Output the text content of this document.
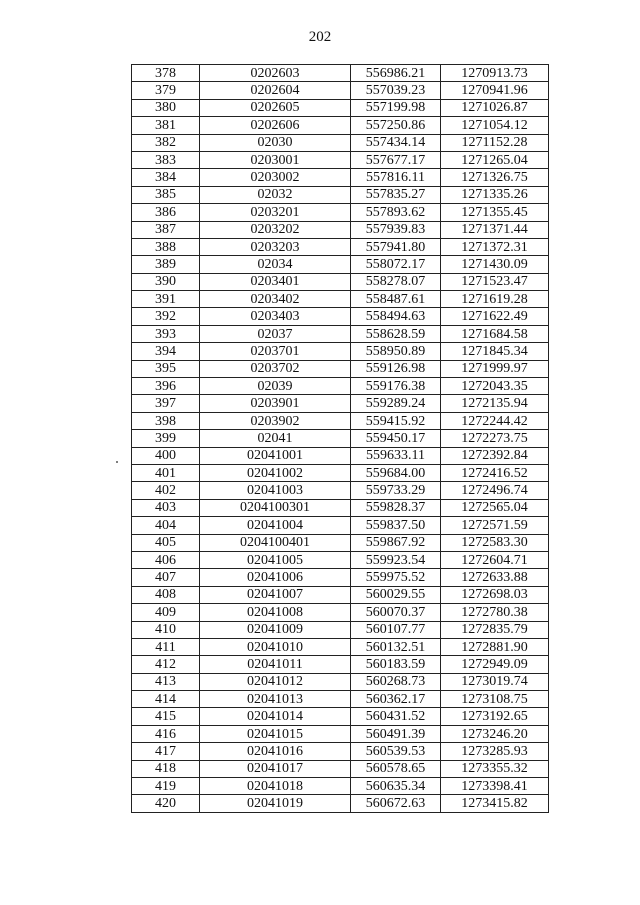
202
378	0202603	556986.21	1270913.73
379	0202604	557039.23	1270941.96
380	0202605	557199.98	1271026.87
381	0202606	557250.86	1271054.12
382	02030	557434.14	1271152.28
383	0203001	557677.17	1271265.04
384	0203002	557816.11	1271326.75
385	02032	557835.27	1271335.26
386	0203201	557893.62	1271355.45
387	0203202	557939.83	1271371.44
388	0203203	557941.80	1271372.31
389	02034	558072.17	1271430.09
390	0203401	558278.07	1271523.47
391	0203402	558487.61	1271619.28
392	0203403	558494.63	1271622.49
393	02037	558628.59	1271684.58
394	0203701	558950.89	1271845.34
395	0203702	559126.98	1271999.97
396	02039	559176.38	1272043.35
397	0203901	559289.24	1272135.94
398	0203902	559415.92	1272244.42
399	02041	559450.17	1272273.75
400	02041001	559633.11	1272392.84
401	02041002	559684.00	1272416.52
402	02041003	559733.29	1272496.74
403	0204100301	559828.37	1272565.04
404	02041004	559837.50	1272571.59
405	0204100401	559867.92	1272583.30
406	02041005	559923.54	1272604.71
407	02041006	559975.52	1272633.88
408	02041007	560029.55	1272698.03
409	02041008	560070.37	1272780.38
410	02041009	560107.77	1272835.79
411	02041010	560132.51	1272881.90
412	02041011	560183.59	1272949.09
413	02041012	560268.73	1273019.74
414	02041013	560362.17	1273108.75
415	02041014	560431.52	1273192.65
416	02041015	560491.39	1273246.20
417	02041016	560539.53	1273285.93
418	02041017	560578.65	1273355.32
419	02041018	560635.34	1273398.41
420	02041019	560672.63	1273415.82
